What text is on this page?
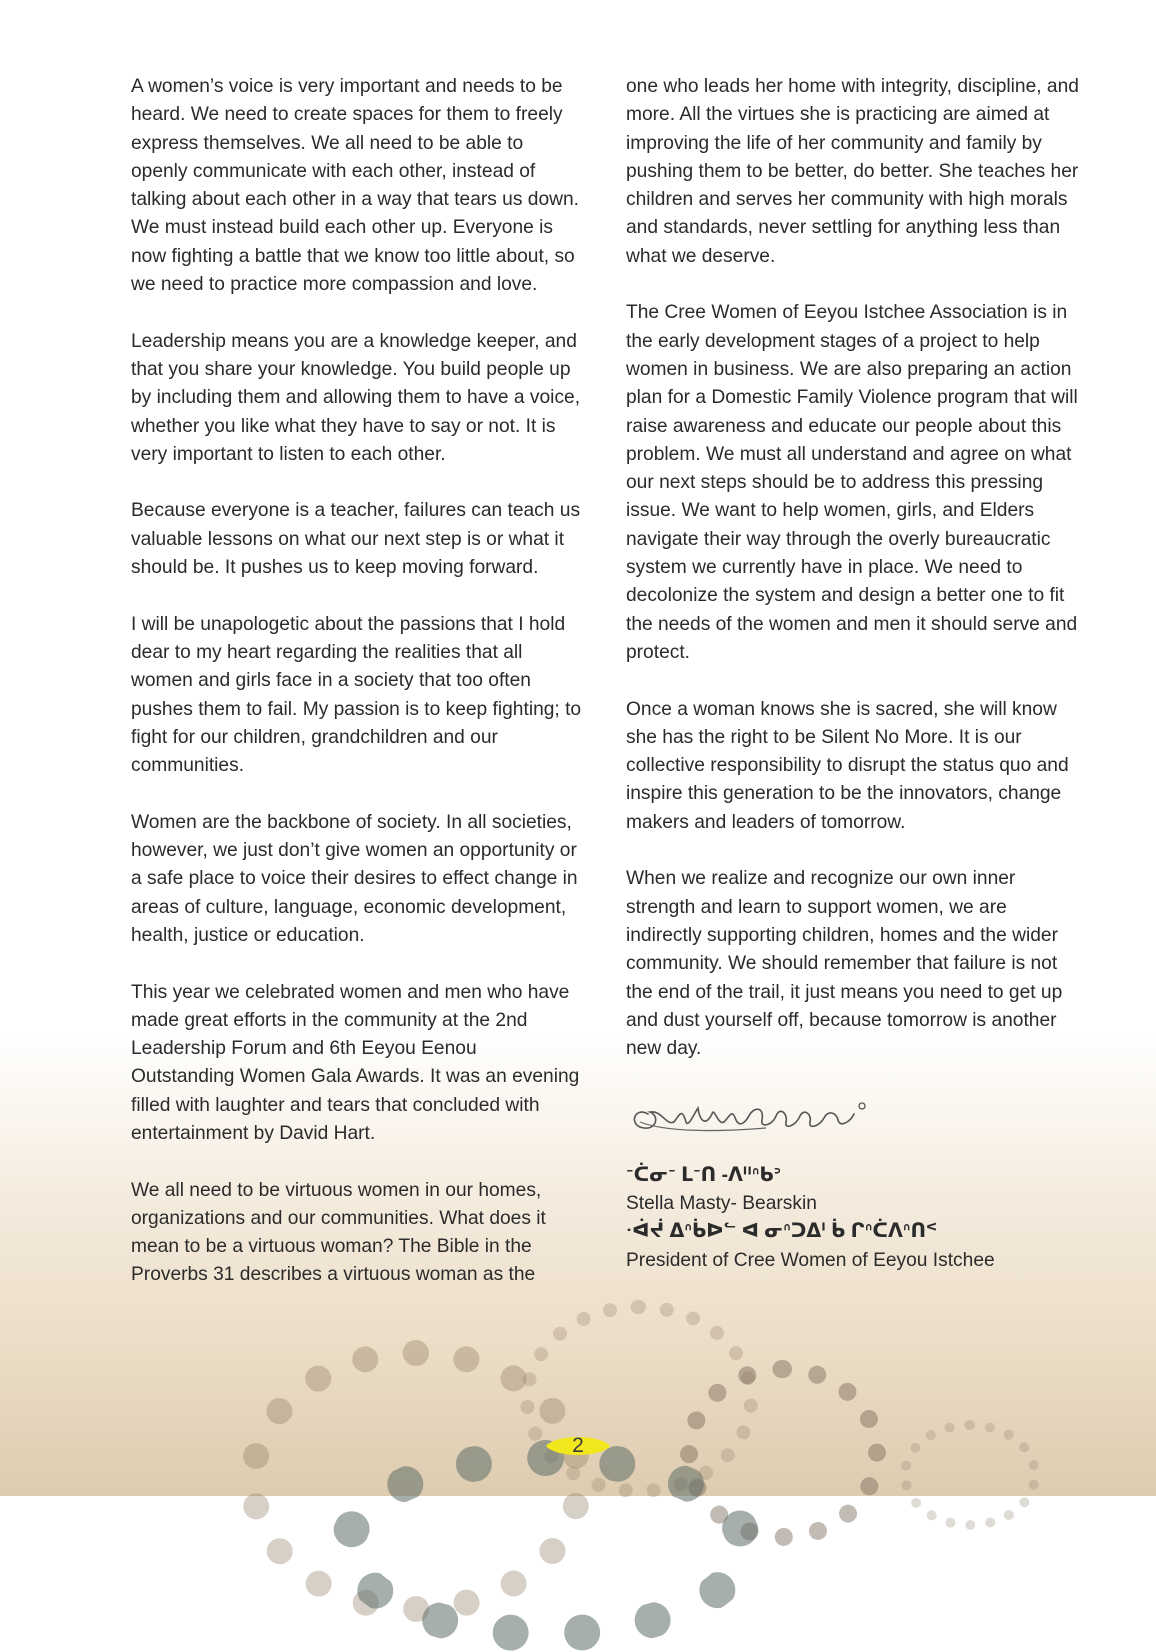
A women’s voice is very important and needs to be heard. We need to create spaces for them to freely express themselves. We all need to be able to openly communicate with each other, instead of talking about each other in a way that tears us down. We must instead build each other up. Everyone is now fighting a battle that we know too little about, so we need to practice more compassion and love.

Leadership means you are a knowledge keeper, and that you share your knowledge. You build people up by including them and allowing them to have a voice, whether you like what they have to say or not. It is very important to listen to each other.

Because everyone is a teacher, failures can teach us valuable lessons on what our next step is or what it should be. It pushes us to keep moving forward.

I will be unapologetic about the passions that I hold dear to my heart regarding the realities that all women and girls face in a society that too often pushes them to fail. My passion is to keep fighting; to fight for our children, grandchildren and our communities.

Women are the backbone of society. In all societies, however, we just don’t give women an opportunity or a safe place to voice their desires to effect change in areas of culture, language, economic development, health, justice or education.

This year we celebrated women and men who have made great efforts in the community at the 2nd Leadership Forum and 6th Eeyou Eenou Outstanding Women Gala Awards. It was an evening filled with laughter and tears that concluded with entertainment by David Hart.

We all need to be virtuous women in our homes, organizations and our communities. What does it mean to be a virtuous woman? The Bible in the Proverbs 31 describes a virtuous woman as the

one who leads her home with integrity, discipline, and more. All the virtues she is practicing are aimed at improving the life of her community and family by pushing them to be better, do better. She teaches her children and serves her community with high morals and standards, never settling for anything less than what we deserve.

The Cree Women of Eeyou Istchee Association is in the early development stages of a project to help women in business. We are also preparing an action plan for a Domestic Family Violence program that will raise awareness and educate our people about this problem. We must all understand and agree on what our next steps should be to address this pressing issue. We want to help women, girls, and Elders navigate their way through the overly bureaucratic system we currently have in place. We need to decolonize the system and design a better one to fit the needs of the women and men it should serve and protect.

Once a woman knows she is sacred, she will know she has the right to be Silent No More. It is our collective responsibility to disrupt the status quo and inspire this generation to be the innovators, change makers and leaders of tomorrow.

When we realize and recognize our own inner strength and learn to support women, we are indirectly supporting children, homes and the wider community. We should remember that failure is not the end of the trail, it just means you need to get up and dust yourself off, because tomorrow is another new day.

ᐨᑖᓂᐨ ᒪᐨᑎ -ᐱᐦᐢᑲᐣ
Stella Masty- Bearskin
ᐧᐋᔫ ᐃᐢᑳᐅᓪ ᐊ ᓂᐢᑐᐃᑊ ᑳ ᒋᐢᑖᐱᐢᑎᑉ
President of Cree Women of Eeyou Istchee
2
